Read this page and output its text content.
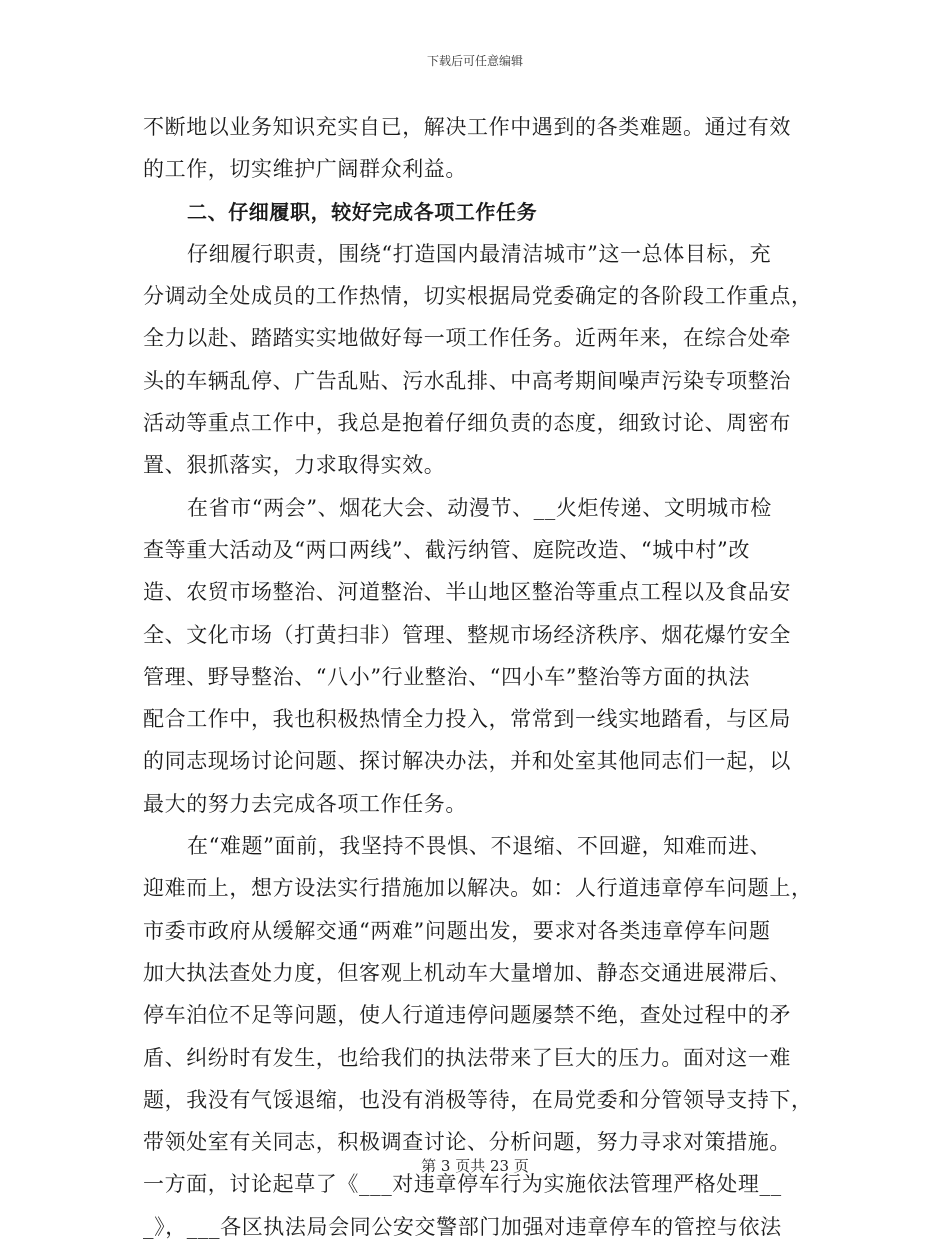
下载后可任意编辑
不断地以业务知识充实自已，解决工作中遇到的各类难题。通过有效
的工作，切实维护广阔群众利益。
二、仔细履职，较好完成各项工作任务
仔细履行职责，围绕“打造国内最清洁城市”这一总体目标，充
分调动全处成员的工作热情，切实根据局党委确定的各阶段工作重点，
全力以赴、踏踏实实地做好每一项工作任务。近两年来，在综合处牵
头的车辆乱停、广告乱贴、污水乱排、中高考期间噪声污染专项整治
活动等重点工作中，我总是抱着仔细负责的态度，细致讨论、周密布
置、狠抓落实，力求取得实效。
在省市“两会”、烟花大会、动漫节、__火炬传递、文明城市检
查等重大活动及“两口两线”、截污纳管、庭院改造、“城中村”改
造、农贸市场整治、河道整治、半山地区整治等重点工程以及食品安
全、文化市场（打黄扫非）管理、整规市场经济秩序、烟花爆竹安全
管理、野导整治、“八小”行业整治、“四小车”整治等方面的执法
配合工作中，我也积极热情全力投入，常常到一线实地踏看，与区局
的同志现场讨论问题、探讨解决办法，并和处室其他同志们一起，以
最大的努力去完成各项工作任务。
在“难题”面前，我坚持不畏惧、不退缩、不回避，知难而进、
迎难而上，想方设法实行措施加以解决。如：人行道违章停车问题上，
市委市政府从缓解交通“两难”问题出发，要求对各类违章停车问题
加大执法查处力度，但客观上机动车大量增加、静态交通进展滞后、
停车泊位不足等问题，使人行道违停问题屡禁不绝，查处过程中的矛
盾、纠纷时有发生，也给我们的执法带来了巨大的压力。面对这一难
题，我没有气馁退缩，也没有消极等待，在局党委和分管领导支持下，
带领处室有关同志，积极调查讨论、分析问题，努力寻求对策措施。
一方面，讨论起草了《___对违章停车行为实施依法管理严格处理__
_》，___各区执法局会同公安交警部门加强对违章停车的管控与依法
第 3 页共 23 页
